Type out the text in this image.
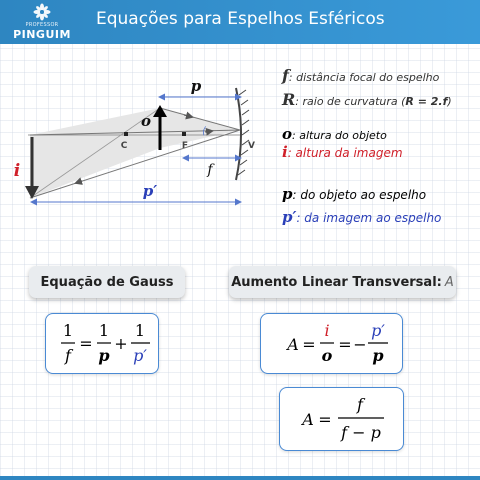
PROFESSOR
PINGUIM
Equações para Espelhos Esféricos
C	F	V
⟨
p
o
i	f
p′
f: distância focal do espelho
R: raio de curvatura (R = 2.f)
o: altura do objeto
i: altura da imagem
p: do objeto ao espelho
p′: da imagem ao espelho
Equação de Gauss	Aumento Linear Transversal: A
1
f
=
1
p
+
1
p′
A =
i
o
= −
p′
p
A =
f
f − p
